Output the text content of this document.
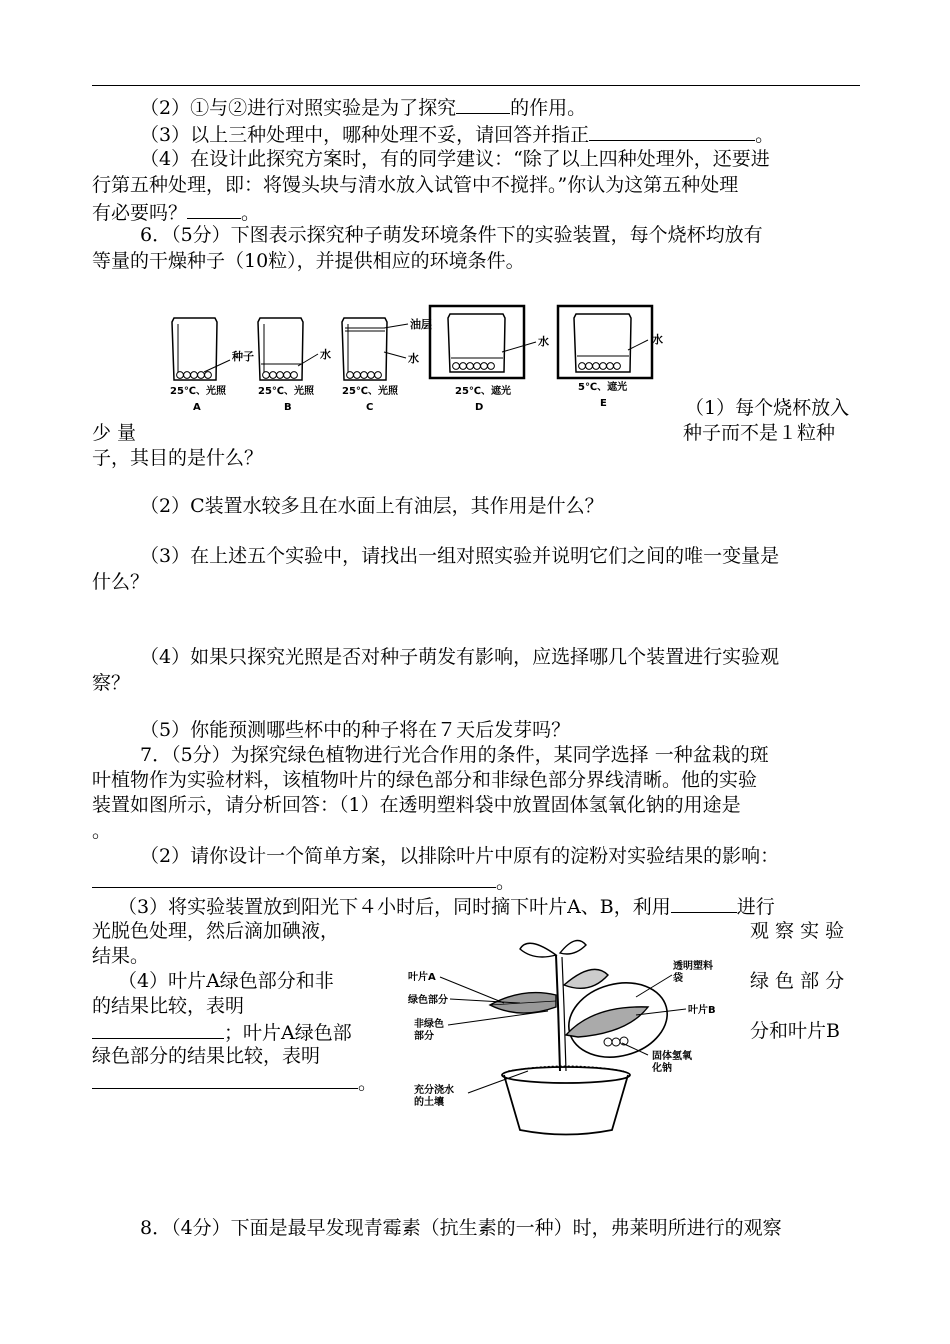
（2）①与②进行对照实验是为了探究	的作用。
（3）以上三种处理中，哪种处理不妥，请回答并指正	。
（4）在设计此探究方案时，有的同学建议：“除了以上四种处理外，还要进
行第五种处理，即：将馒头块与清水放入试管中不搅拌。”你认为这第五种处理
有必要吗？	。
6．（5分）下图表示探究种子萌发环境条件下的实验装置，每个烧杯均放有
等量的干燥种子（10粒），并提供相应的环境条件。
种子
25℃、光照
A
水
25℃、光照
B
油层
水
25℃、光照
C
水
25℃、遮光
D
水
5℃、遮光
E	（1）每个烧杯放入
少 量	种子而不是１粒种
子，其目的是什么？
（2）C装置水较多且在水面上有油层，其作用是什么？
（3）在上述五个实验中，请找出一组对照实验并说明它们之间的唯一变量是
什么？
（4）如果只探究光照是否对种子萌发有影响，应选择哪几个装置进行实验观
察？
（5）你能预测哪些杯中的种子将在７天后发芽吗？
7．（5分）为探究绿色植物进行光合作用的条件，某同学选择 一种盆栽的斑
叶植物作为实验材料，该植物叶片的绿色部分和非绿色部分界线清晰。他的实验
装置如图所示，请分析回答：（1）在透明塑料袋中放置固体氢氧化钠的用途是
。
（2）请你设计一个简单方案，以排除叶片中原有的淀粉对实验结果的影响：
。
（3）将实验装置放到阳光下４小时后，同时摘下叶片A、B，利用	进行
光脱色处理，然后滴加碘液，	观 察 实 验
结果。
（4）叶片A绿色部分和非	绿 色 部 分
的结果比较，表明
；叶片A绿色部	分和叶片B
绿色部分的结果比较，表明
。
叶片A
绿色部分
非绿色
部分
充分浇水
的土壤
透明塑料
袋
叶片B
固体氢氧
化钠
8．（4分）下面是最早发现青霉素（抗生素的一种）时，弗莱明所进行的观察
